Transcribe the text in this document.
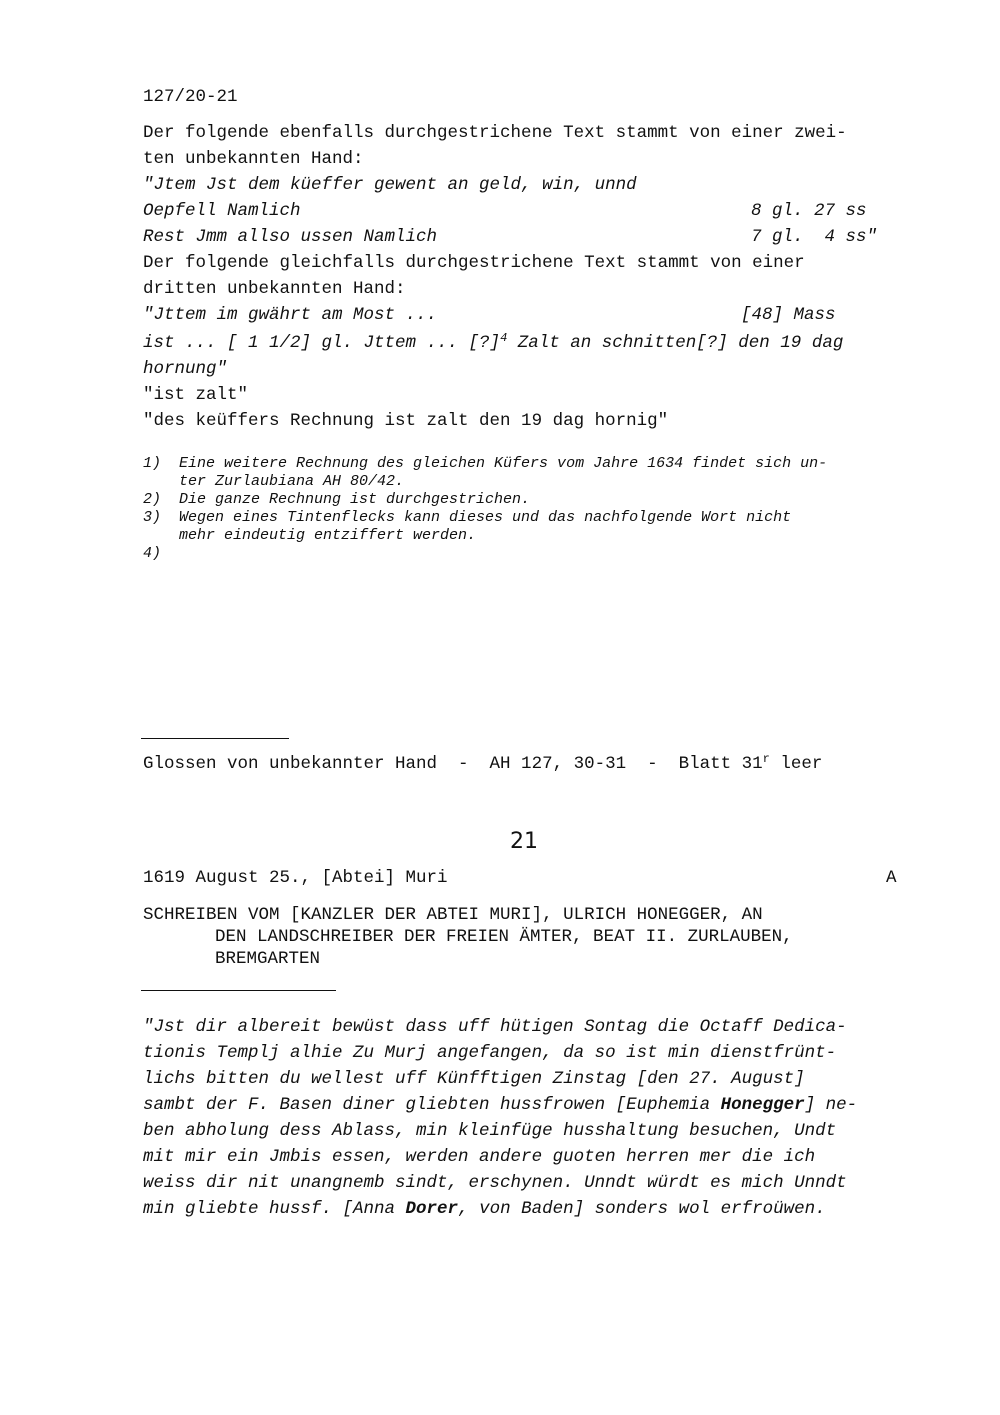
127/20-21
Der folgende ebenfalls durchgestrichene Text stammt von einer zwei-
ten unbekannten Hand:
"Jtem Jst dem küeffer gewent an geld, win, unnd
Oepfell Namlich	8 gl. 27 ss
Rest Jmm allso ussen Namlich	7 gl.  4 ss"
Der folgende gleichfalls durchgestrichene Text stammt von einer
dritten unbekannten Hand:
"Jttem im gwährt am Most ...	[48] Mass
ist ... [ 1 1/2] gl. Jttem ... [?]$^4$ Zalt an schnitten[?] den 19 dag
hornung"
"ist zalt"
"des keüffers Rechnung ist zalt den 19 dag hornig"
1) Eine weitere Rechnung des gleichen Küfers vom Jahre 1634 findet sich un-
ter Zurlaubiana AH 80/42.
2) Die ganze Rechnung ist durchgestrichen.
3) Wegen eines Tintenflecks kann dieses und das nachfolgende Wort nicht
mehr eindeutig entziffert werden.
4)
Glossen von unbekannter Hand  -  AH 127, 30-31  -  Blatt 31$^r$ leer
21
1619 August 25., [Abtei] Muri	A
SCHREIBEN VOM [KANZLER DER ABTEI MURI], ULRICH HONEGGER, AN
DEN LANDSCHREIBER DER FREIEN ÄMTER, BEAT II. ZURLAUBEN,
BREMGARTEN
"Jst dir albereit bewüst dass uff hütigen Sontag die Octaff Dedica-
tionis Templj alhie Zu Murj angefangen, da so ist min dienstfrünt-
lichs bitten du wellest uff Künfftigen Zinstag [den 27. August]
sambt der F. Basen diner gliebten hussfrowen [Euphemia Honegger] ne-
ben abholung dess Ablass, min kleinfüge husshaltung besuchen, Undt
mit mir ein Jmbis essen, werden andere guoten herren mer die ich
weiss dir nit unangnemb sindt, erschynen. Unndt würdt es mich Unndt
min gliebte hussf. [Anna Dorer, von Baden] sonders wol erfroüwen.
